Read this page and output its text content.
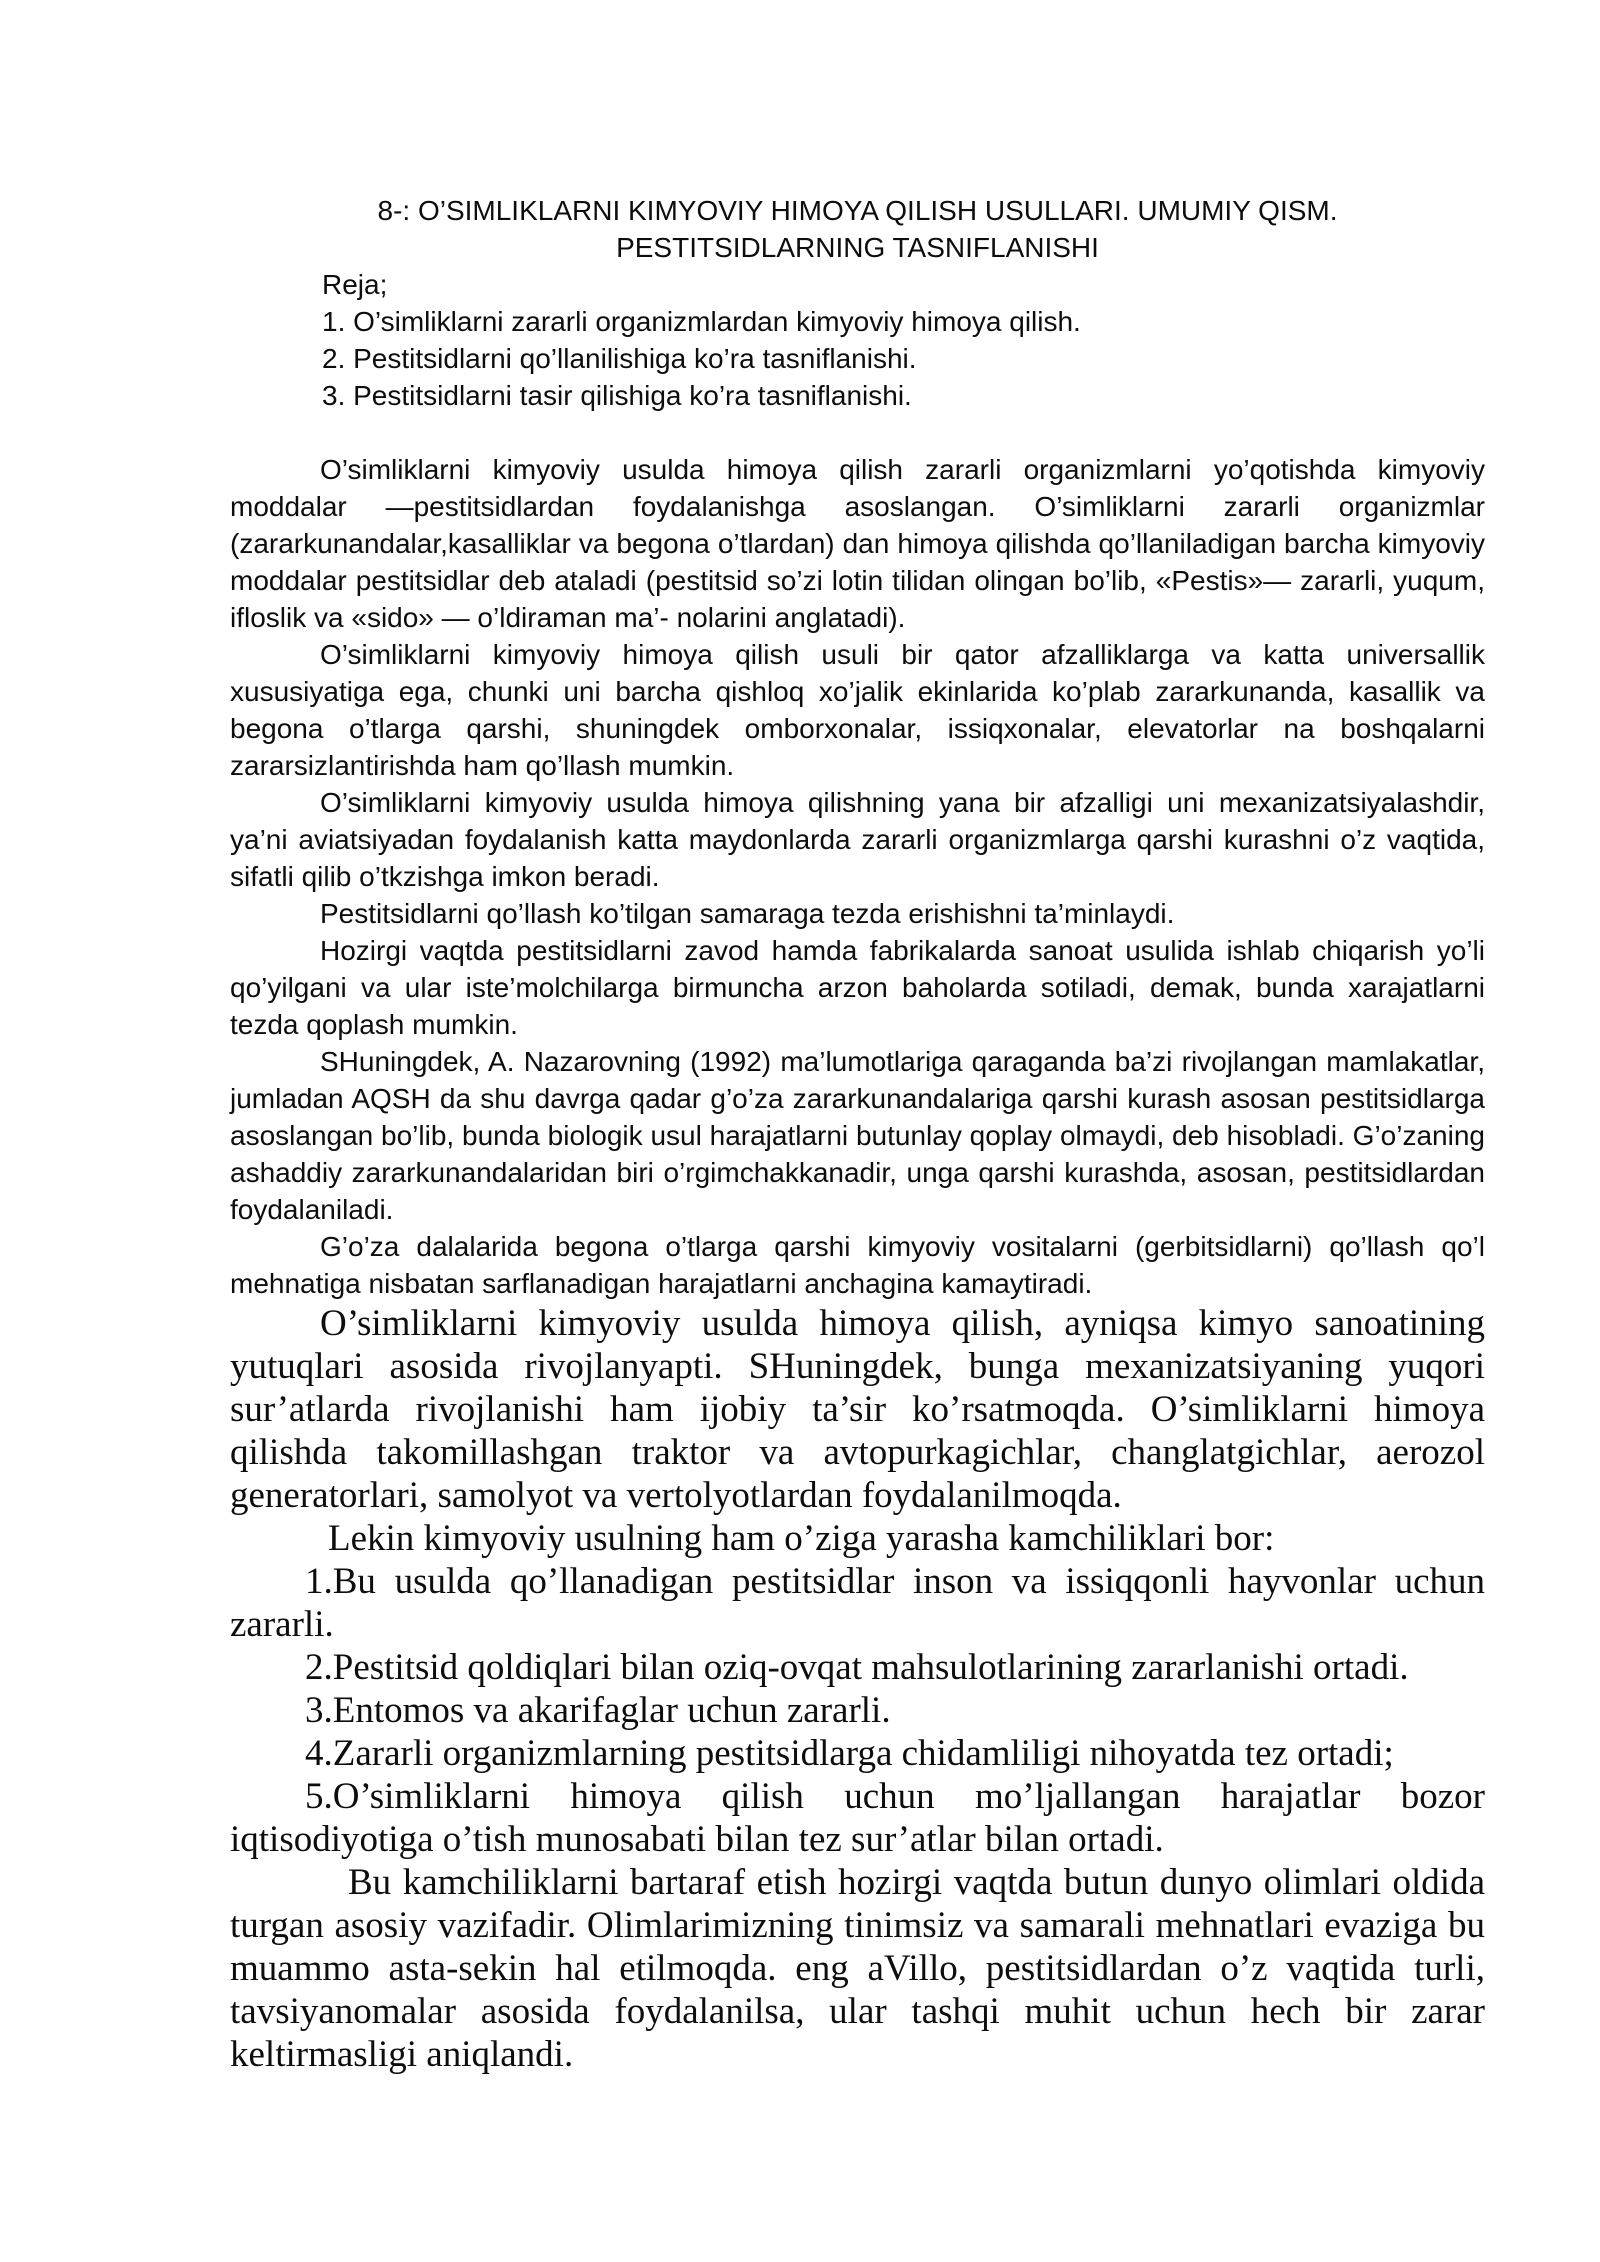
8-: O’SIMLIKLARNI KIMYOVIY HIMOYA QILISH USULLARI. UMUMIY QISM.
PESTITSIDLARNING TASNIFLANISHI
Reja;
1. O’simliklarni zararli organizmlardan kimyoviy himoya qilish.
2. Pestitsidlarni qo’llanilishiga ko’ra tasniflanishi.
3. Pestitsidlarni tasir qilishiga ko’ra tasniflanishi.

O’simliklarni kimyoviy usulda himoya qilish zararli organizmlarni yo’qotishda kimyoviy moddalar —pestitsidlardan foydalanishga asoslangan. O’simliklarni zararli organizmlar (zararkunandalar,kasalliklar va begona o’tlardan) dan himoya qilishda qo’llaniladigan barcha kimyoviy moddalar pestitsidlar deb ataladi (pestitsid so’zi lotin tilidan olingan bo’lib, «Pestis»— zararli, yuqum, ifloslik va «sido» — o’ldiraman ma’- nolarini anglatadi).

O’simliklarni kimyoviy himoya qilish usuli bir qator afzalliklarga va katta universallik xususiyatiga ega, chunki uni barcha qishloq xo’jalik ekinlarida ko’plab zararkunanda, kasallik va begona o’tlarga qarshi, shuningdek omborxonalar, issiqxonalar, elevatorlar na boshqalarni zararsizlantirishda ham qo’llash mumkin.

O’simliklarni kimyoviy usulda himoya qilishning yana bir afzalligi uni mexanizatsiyalashdir, ya’ni aviatsiyadan foydalanish katta maydonlarda zararli organizmlarga qarshi kurashni o’z vaqtida, sifatli qilib o’tkzishga imkon beradi.

Pestitsidlarni qo’llash ko’tilgan samaraga tezda erishishni ta’minlaydi.

Hozirgi vaqtda pestitsidlarni zavod hamda fabrikalarda sanoat usulida ishlab chiqarish yo’li qo’yilgani va ular iste’molchilarga birmuncha arzon baholarda sotiladi, demak, bunda xarajatlarni tezda qoplash mumkin.

SHuningdek, A. Nazarovning (1992) ma’lumotlariga qaraganda ba’zi rivojlangan mamlakatlar, jumladan AQSH da shu davrga qadar g’o’za zararkunandalariga qarshi kurash asosan pestitsidlarga asoslangan bo’lib, bunda biologik usul harajatlarni butunlay qoplay olmaydi, deb hisobladi. G’o’zaning ashaddiy zararkunandalaridan biri o’rgimchakkanadir, unga qarshi kurashda, asosan, pestitsidlardan foydalaniladi.

G’o’za dalalarida begona o’tlarga qarshi kimyoviy vositalarni (gerbitsidlarni) qo’llash qo’l mehnatiga nisbatan sarflanadigan harajatlarni anchagina kamaytiradi.

O’simliklarni kimyoviy usulda himoya qilish, ayniqsa kimyo sanoatining yutuqlari asosida rivojlanyapti. SHuningdek, bunga mexanizatsiyaning yuqori sur’atlarda rivojlanishi ham ijobiy ta’sir ko’rsatmoqda. O’simliklarni himoya qilishda takomillashgan traktor va avtopurkagichlar, changlatgichlar, aerozol generatorlari, samolyot va vertolyotlardan foydalanilmoqda.

Lekin kimyoviy usulning ham o’ziga yarasha kamchiliklari bor:

1.Bu usulda qo’llanadigan pestitsidlar inson va issiqqonli hayvonlar uchun zararli.

2.Pestitsid qoldiqlari bilan oziq-ovqat mahsulotlarining zararlanishi ortadi.

3.Entomos va akarifaglar uchun zararli.

4.Zararli organizmlarning pestitsidlarga chidamliligi nihoyatda tez ortadi;

5.O’simliklarni himoya qilish uchun mo’ljallangan harajatlar bozor iqtisodiyotiga o’tish munosabati bilan tez sur’atlar bilan ortadi.

Bu kamchiliklarni bartaraf etish hozirgi vaqtda butun dunyo olimlari oldida turgan asosiy vazifadir. Olimlarimizning tinimsiz va samarali mehnatlari evaziga bu muammo asta-sekin hal etilmoqda. eng aVillo, pestitsidlardan o’z vaqtida turli, tavsiyanomalar asosida foydalanilsa, ular tashqi muhit uchun hech bir zarar keltirmasligi aniqlandi.
